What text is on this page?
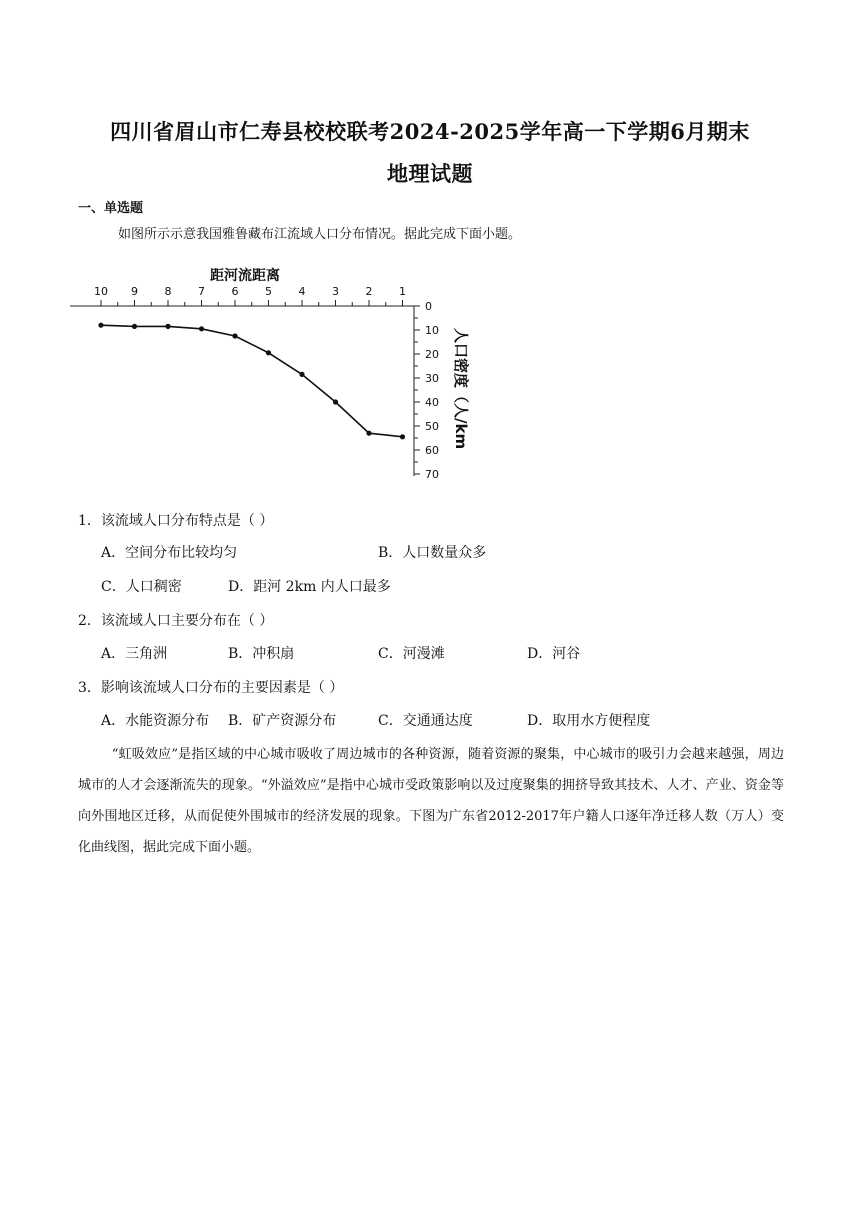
四川省眉山市仁寿县校校联考2024-2025学年高一下学期6月期末
地理试题
一、单选题
如图所示示意我国雅鲁藏布江流域人口分布情况。据此完成下面小题。
距河流距离
10 9 8 7 6 5 4 3 2 1
0
10
20
30
40
50
60
70
人口密度（人/km
1．该流域人口分布特点是（ ）
A．空间分布比较均匀	B．人口数量众多
C．人口稠密	D．距河 2km 内人口最多
2．该流域人口主要分布在（ ）
A．三角洲	B．冲积扇	C．河漫滩	D．河谷
3．影响该流域人口分布的主要因素是（ ）
A．水能资源分布 B．矿产资源分布	C．交通通达度	D．取用水方便程度

“虹吸效应”是指区域的中心城市吸收了周边城市的各种资源，随着资源的聚集，中心城市的吸引力会越来越强，周边城市的人才会逐渐流失的现象。“外溢效应”是指中心城市受政策影响以及过度聚集的拥挤导致其技术、人才、产业、资金等向外围地区迁移，从而促使外围城市的经济发展的现象。下图为广东省2012-2017年户籍人口逐年净迁移人数（万人）变化曲线图，据此完成下面小题。
